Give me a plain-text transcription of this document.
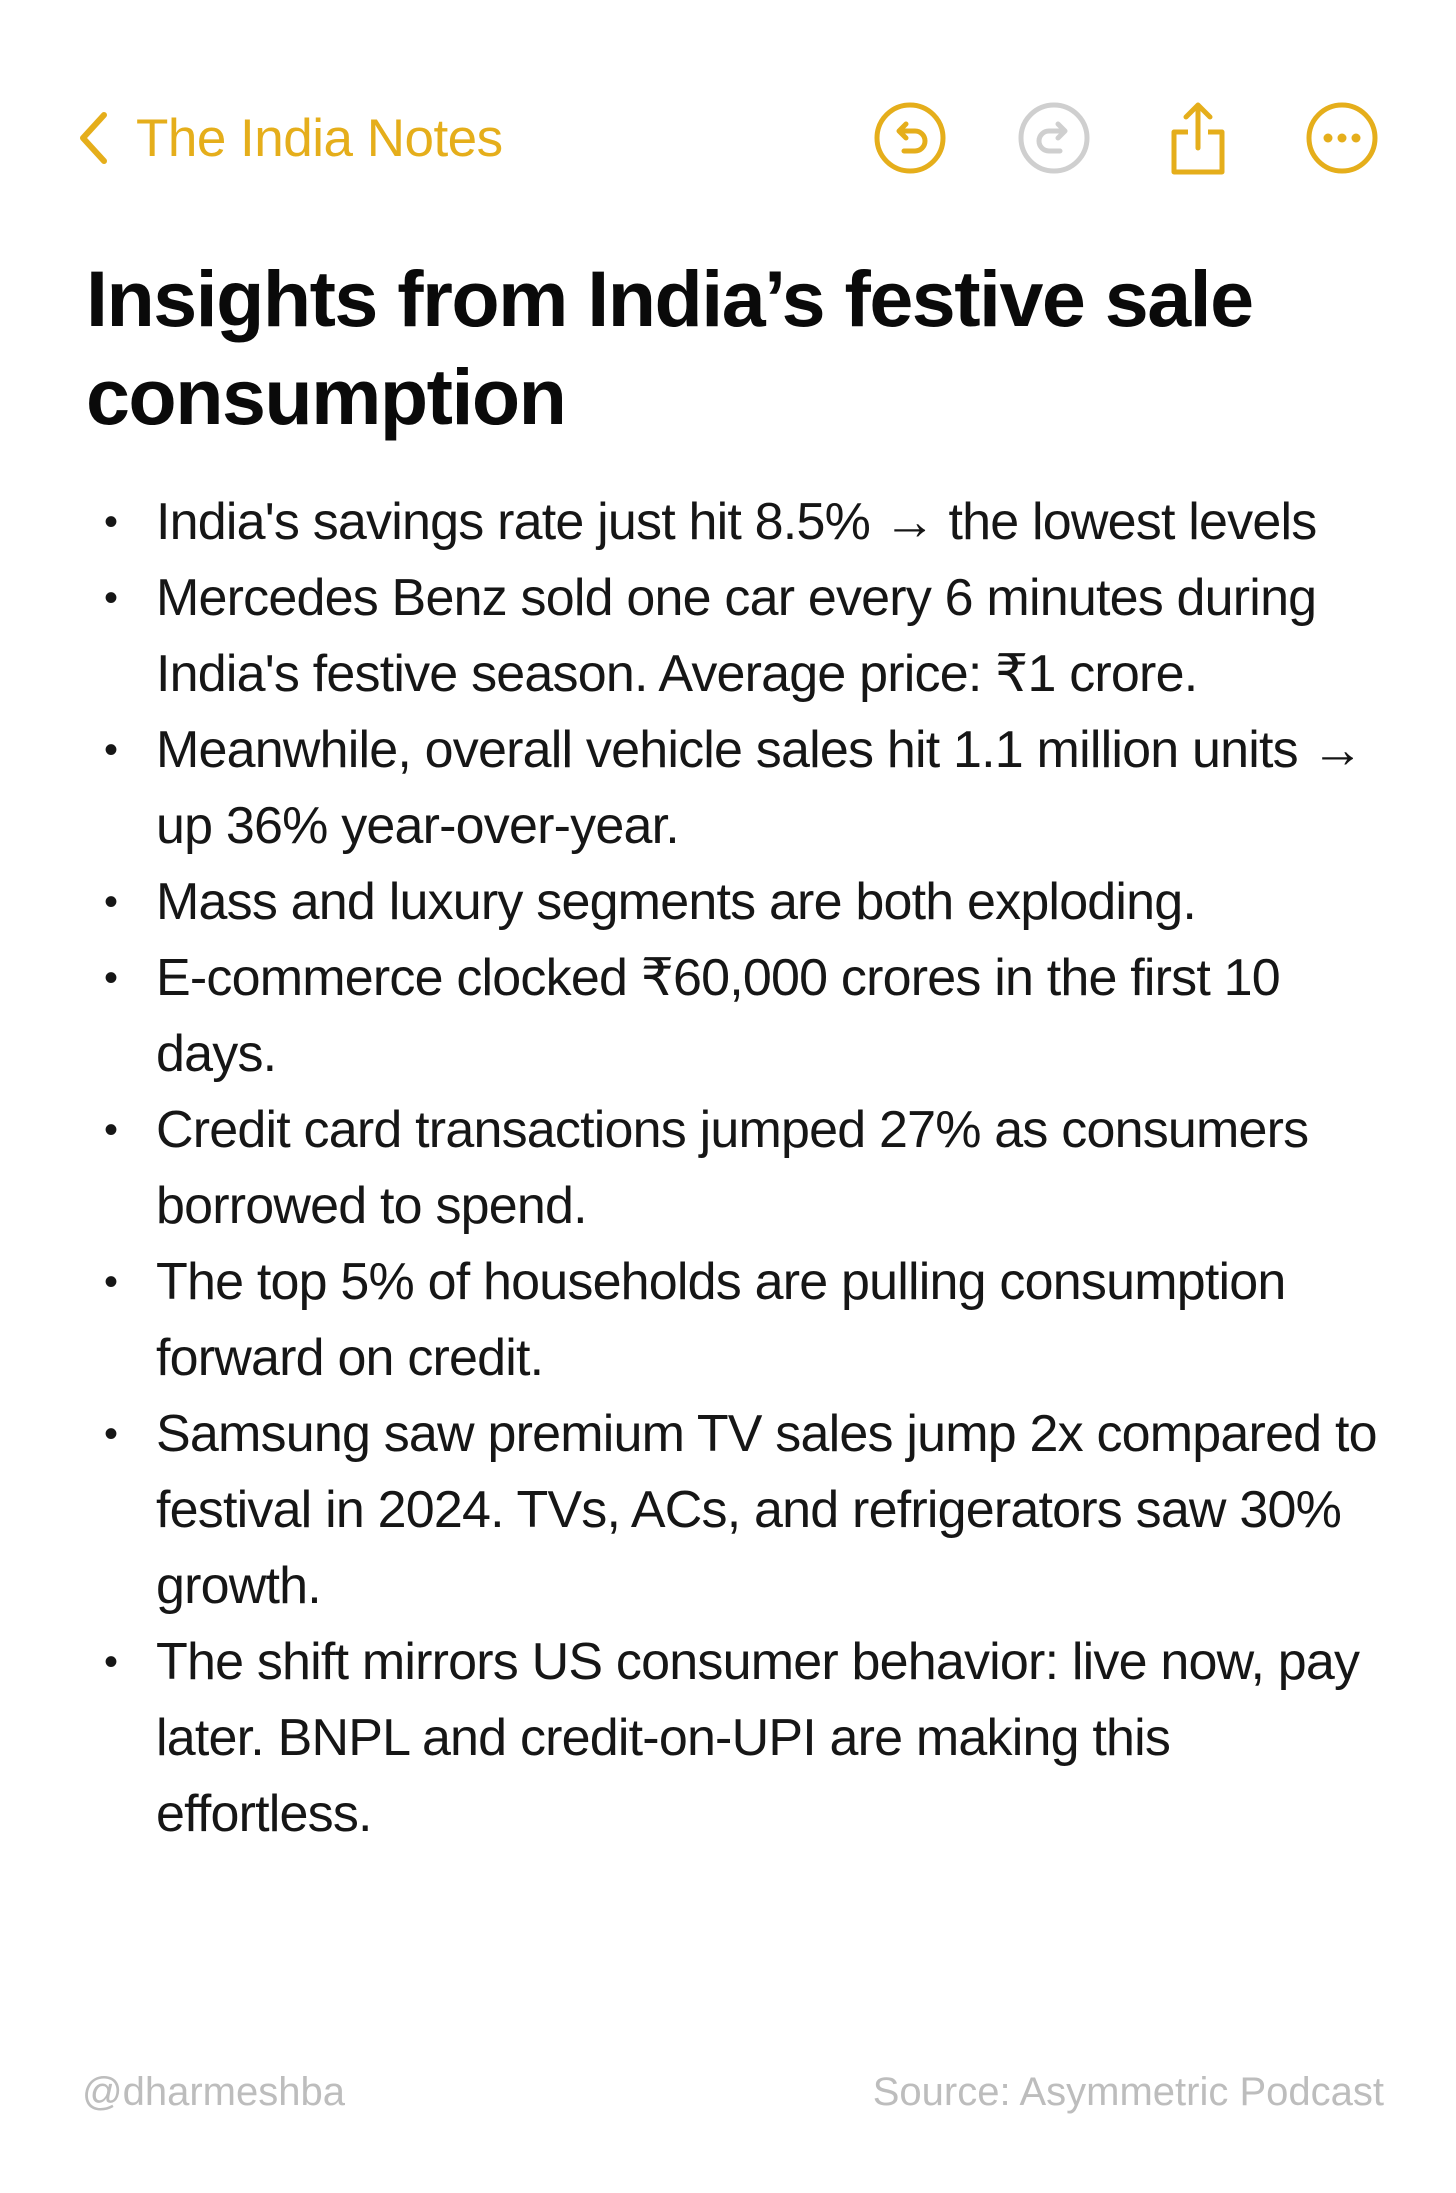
The India Notes
Insights from India’s festive sale consumption
• India's savings rate just hit 8.5% → the lowest levels
• Mercedes Benz sold one car every 6 minutes during India's festive season. Average price: ₹1 crore.
• Meanwhile, overall vehicle sales hit 1.1 million units → up 36% year-over-year.
• Mass and luxury segments are both exploding.
• E-commerce clocked ₹60,000 crores in the first 10 days.
• Credit card transactions jumped 27% as consumers borrowed to spend.
• The top 5% of households are pulling consumption forward on credit.
• Samsung saw premium TV sales jump 2x compared to festival in 2024. TVs, ACs, and refrigerators saw 30% growth.
• The shift mirrors US consumer behavior: live now, pay later. BNPL and credit-on-UPI are making this effortless.
@dharmeshba	Source: Asymmetric Podcast
